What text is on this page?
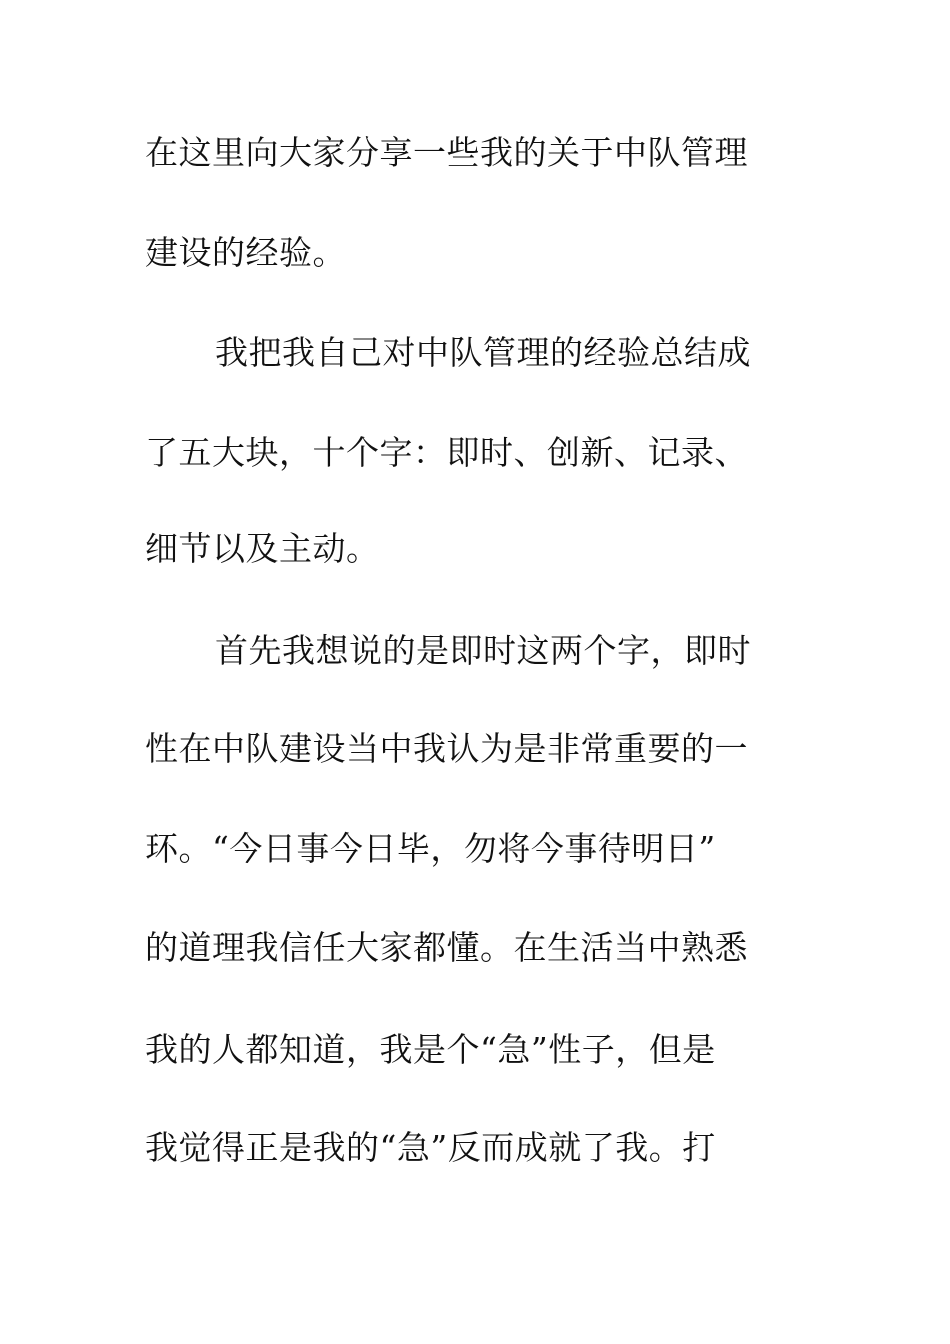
在这里向大家分享一些我的关于中队管理
建设的经验。
我把我自己对中队管理的经验总结成
了五大块，十个字：即时、创新、记录、
细节以及主动。
首先我想说的是即时这两个字，即时
性在中队建设当中我认为是非常重要的一
环。“今日事今日毕，勿将今事待明日”
的道理我信任大家都懂。在生活当中熟悉
我的人都知道，我是个“急”性子，但是
我觉得正是我的“急”反而成就了我。打
